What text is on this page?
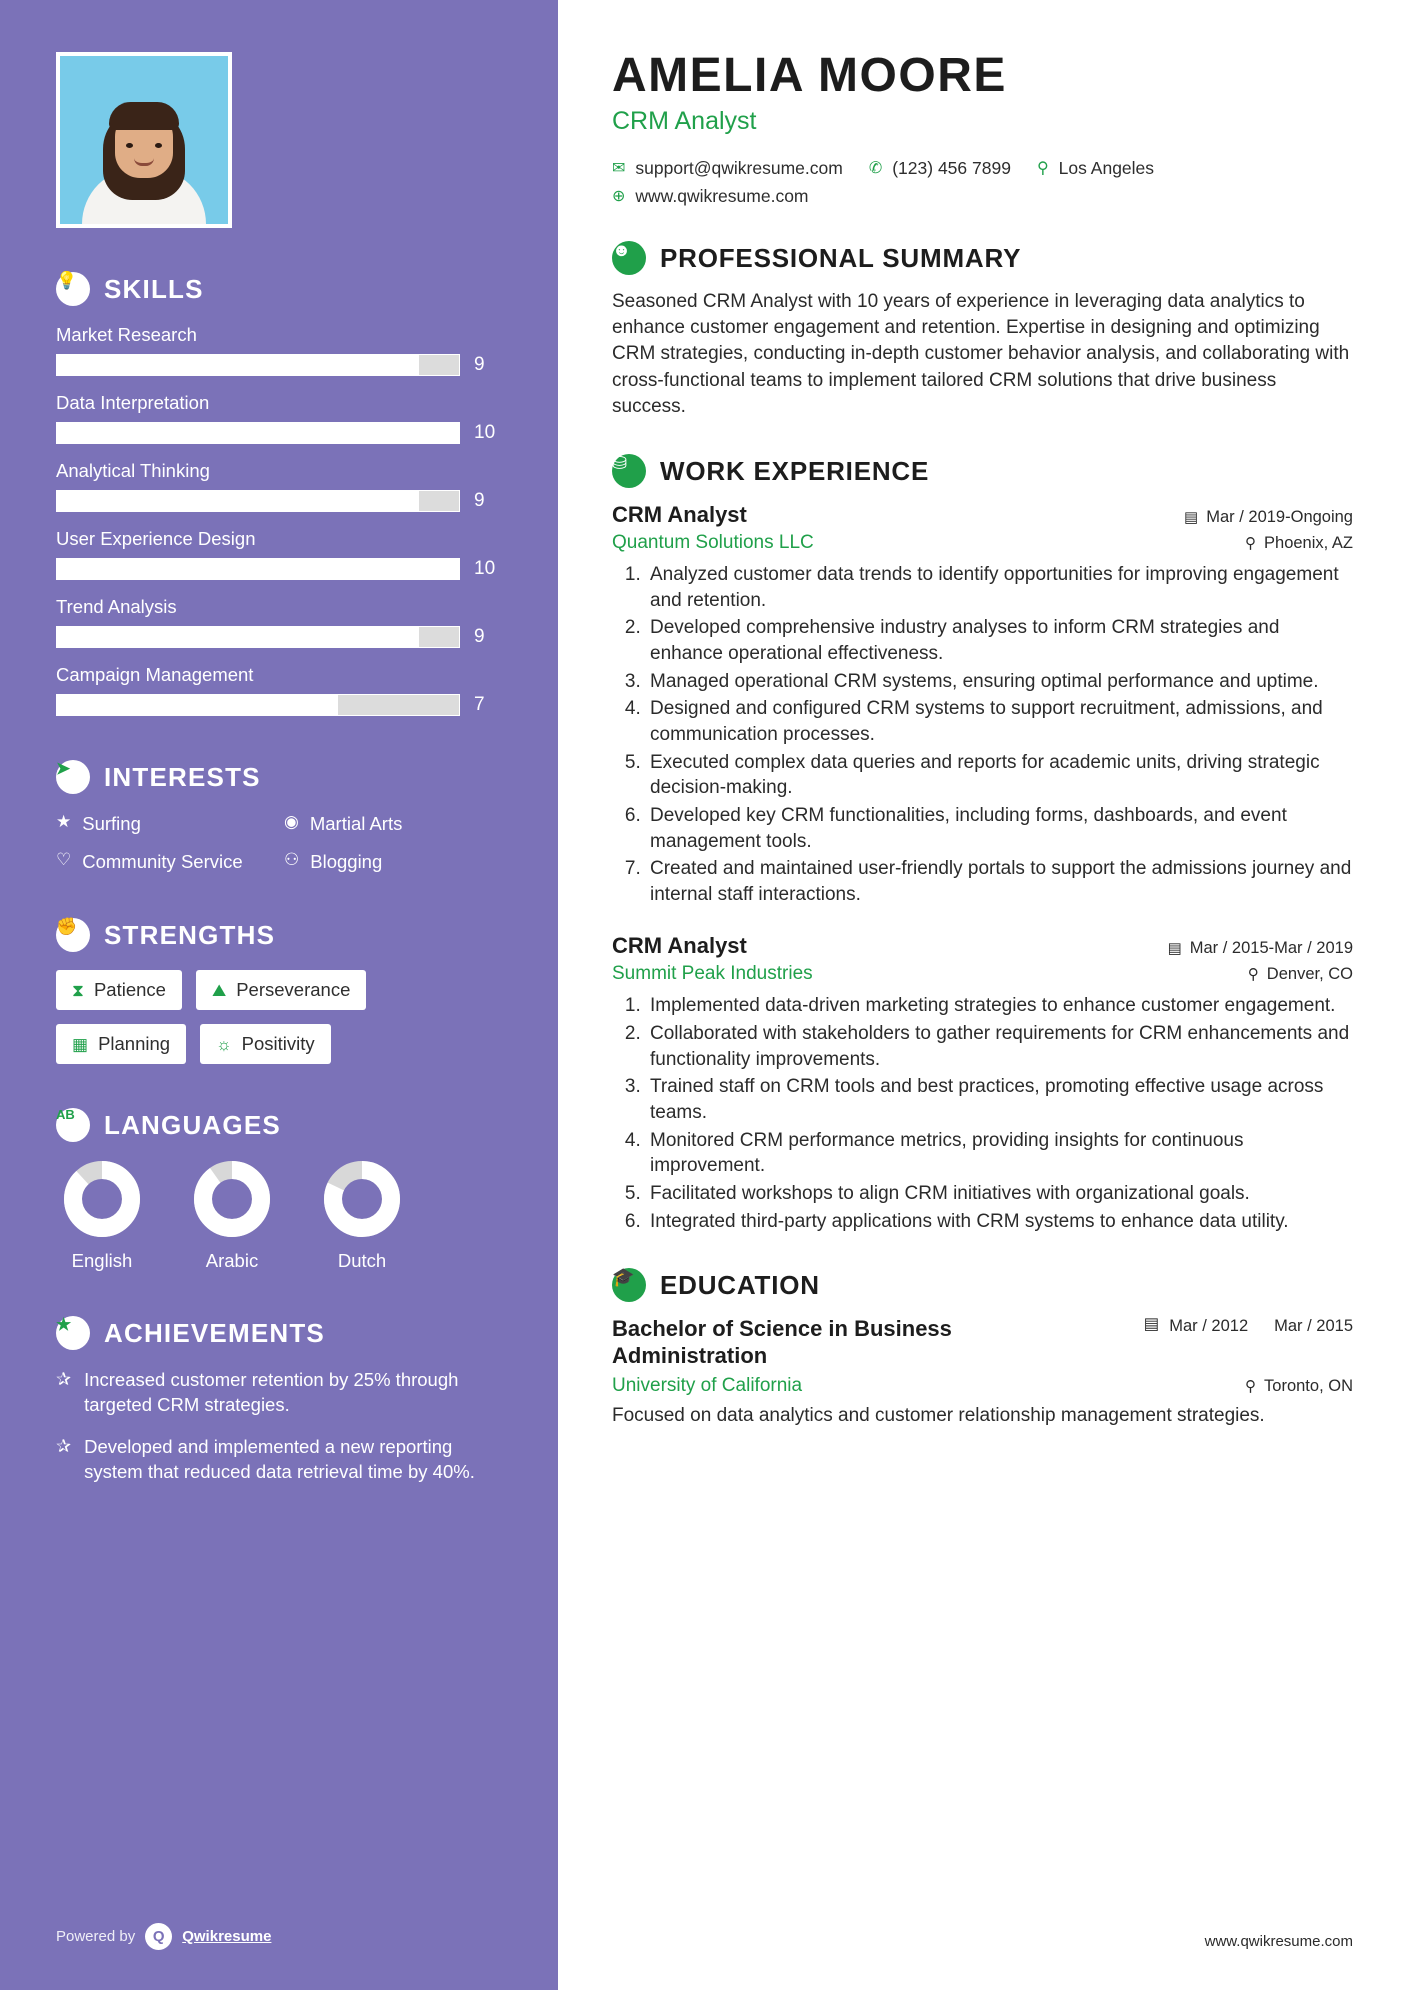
💡	SKILLS
Market Research
9
Data Interpretation
10
Analytical Thinking
9
User Experience Design
10
Trend Analysis
9
Campaign Management
7
➤	INTERESTS
★ Surfing	◉ Martial Arts
♡ Community Service ⚇ Blogging
✊	STRENGTHS
⧗ Patience	⛰ Perseverance
▦ Planning	☼ Positivity
AB	LANGUAGES
English	Arabic	Dutch
★	ACHIEVEMENTS
✰ Increased customer retention by 25% through targeted CRM strategies.
✰ Developed and implemented a new reporting system that reduced data retrieval time by 40%.
Powered by	Q	Qwikresume
AMELIA MOORE
CRM Analyst
✉ support@qwikresume.com ✆ (123) 456 7899 ⚲ Los Angeles
⊕ www.qwikresume.com
☻	PROFESSIONAL SUMMARY

Seasoned CRM Analyst with 10 years of experience in leveraging data analytics to enhance customer engagement and retention. Expertise in designing and optimizing CRM strategies, conducting in-depth customer behavior analysis, and collaborating with cross-functional teams to implement tailored CRM solutions that drive business success.

⛁	WORK EXPERIENCE
CRM Analyst	▤ Mar / 2019-Ongoing
Quantum Solutions LLC	⚲ Phoenix, AZ
1. Analyzed customer data trends to identify opportunities for improving engagement and retention.
2. Developed comprehensive industry analyses to inform CRM strategies and enhance operational effectiveness.
3. Managed operational CRM systems, ensuring optimal performance and uptime.
4. Designed and configured CRM systems to support recruitment, admissions, and communication processes.
5. Executed complex data queries and reports for academic units, driving strategic decision-making.
6. Developed key CRM functionalities, including forms, dashboards, and event management tools.
7. Created and maintained user-friendly portals to support the admissions journey and internal staff interactions.
CRM Analyst	▤ Mar / 2015-Mar / 2019
Summit Peak Industries	⚲ Denver, CO
1. Implemented data-driven marketing strategies to enhance customer engagement.
2. Collaborated with stakeholders to gather requirements for CRM enhancements and functionality improvements.
3. Trained staff on CRM tools and best practices, promoting effective usage across teams.
4. Monitored CRM performance metrics, providing insights for continuous improvement.
5. Facilitated workshops to align CRM initiatives with organizational goals.
6. Integrated third-party applications with CRM systems to enhance data utility.
🎓 EDUCATION
Bachelor of Science in Business Administration
▤ Mar / 2012 Mar / 2015
University of California	⚲ Toronto, ON
Focused on data analytics and customer relationship management strategies.
www.qwikresume.com
